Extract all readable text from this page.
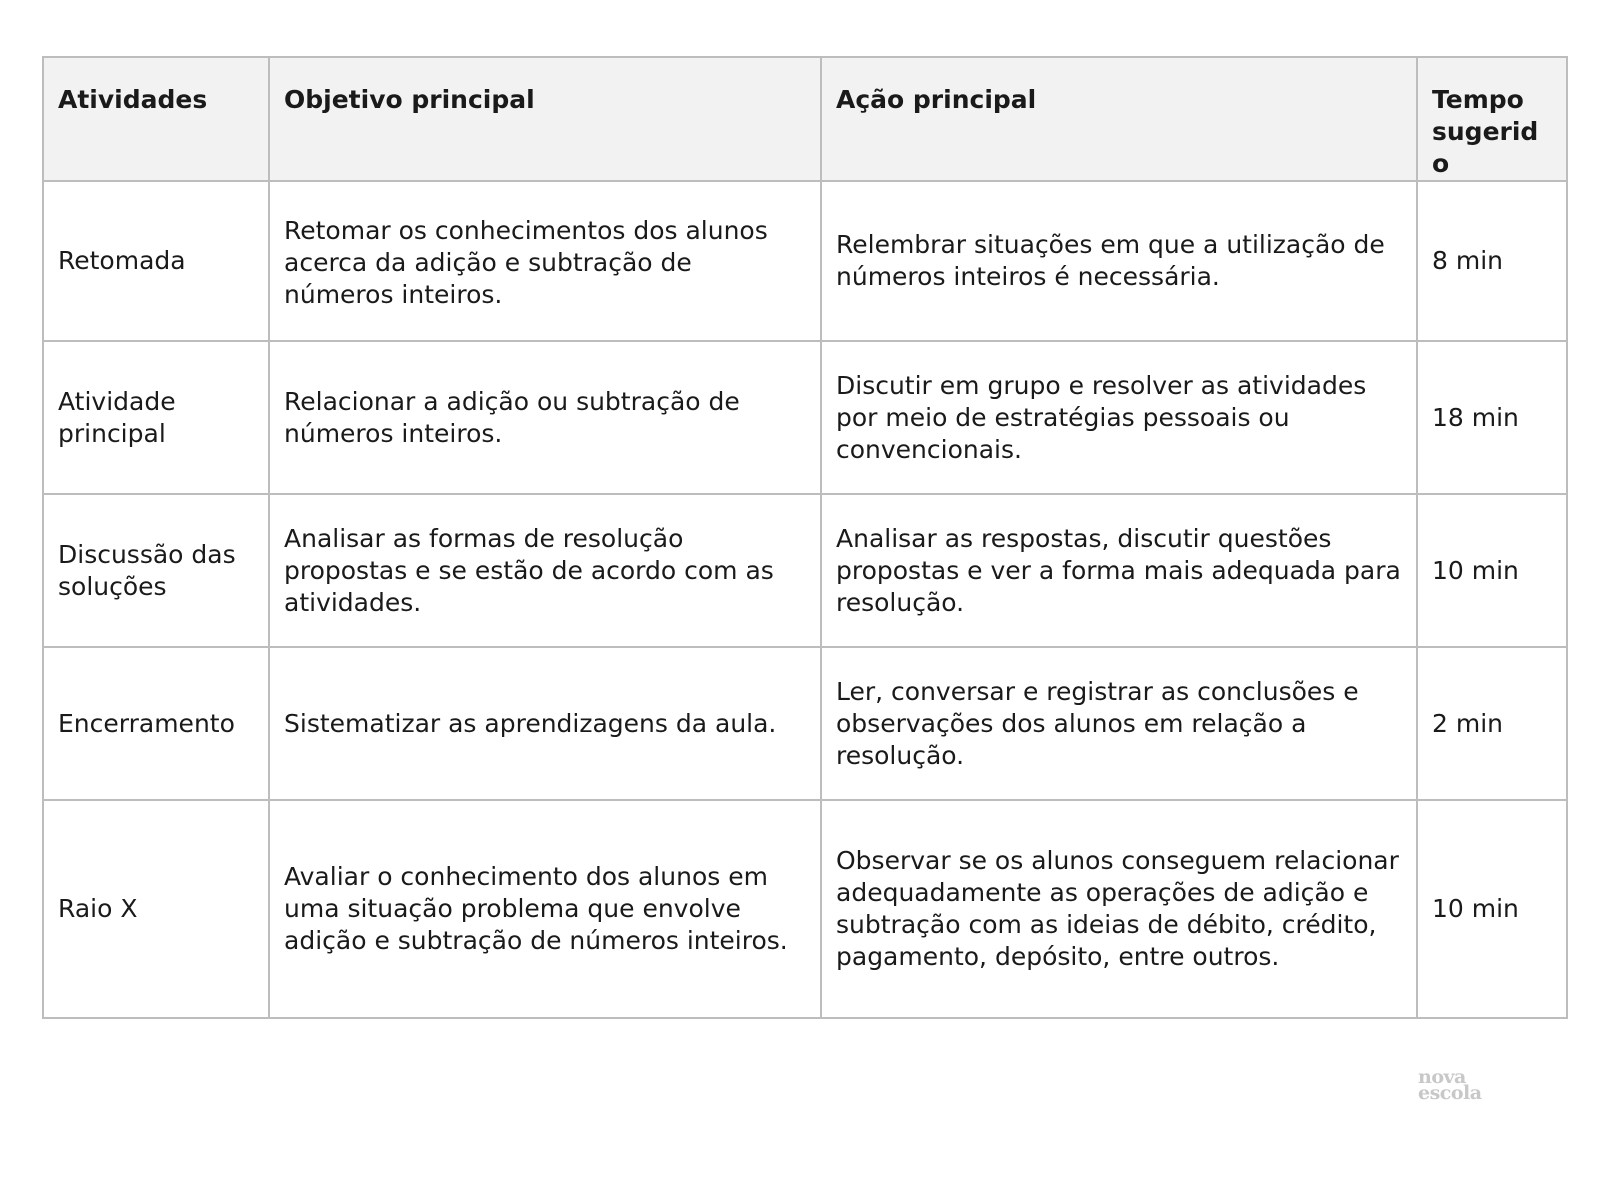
Atividades	Objetivo principal	Ação principal	Tempo sugerido
Retomada	Retomar os conhecimentos dos alunos acerca da adição e subtração de números inteiros.	Relembrar situações em que a utilização de números inteiros é necessária.	8 min
Atividade principal	Relacionar a adição ou subtração de números inteiros.	Discutir em grupo e resolver as atividades por meio de estratégias pessoais ou convencionais.	18 min
Discussão das soluções	Analisar as formas de resolução propostas e se estão de acordo com as atividades.	Analisar as respostas, discutir questões propostas e ver a forma mais adequada para resolução.	10 min
Encerramento	Sistematizar as aprendizagens da aula.	Ler, conversar e registrar as conclusões e observações dos alunos em relação a resolução.	2 min
Raio X	Avaliar o conhecimento dos alunos em uma situação problema que envolve adição e subtração de números inteiros.	Observar se os alunos conseguem relacionar adequadamente as operações de adição e subtração com as ideias de débito, crédito, pagamento, depósito, entre outros.	10 min
nova
escola
